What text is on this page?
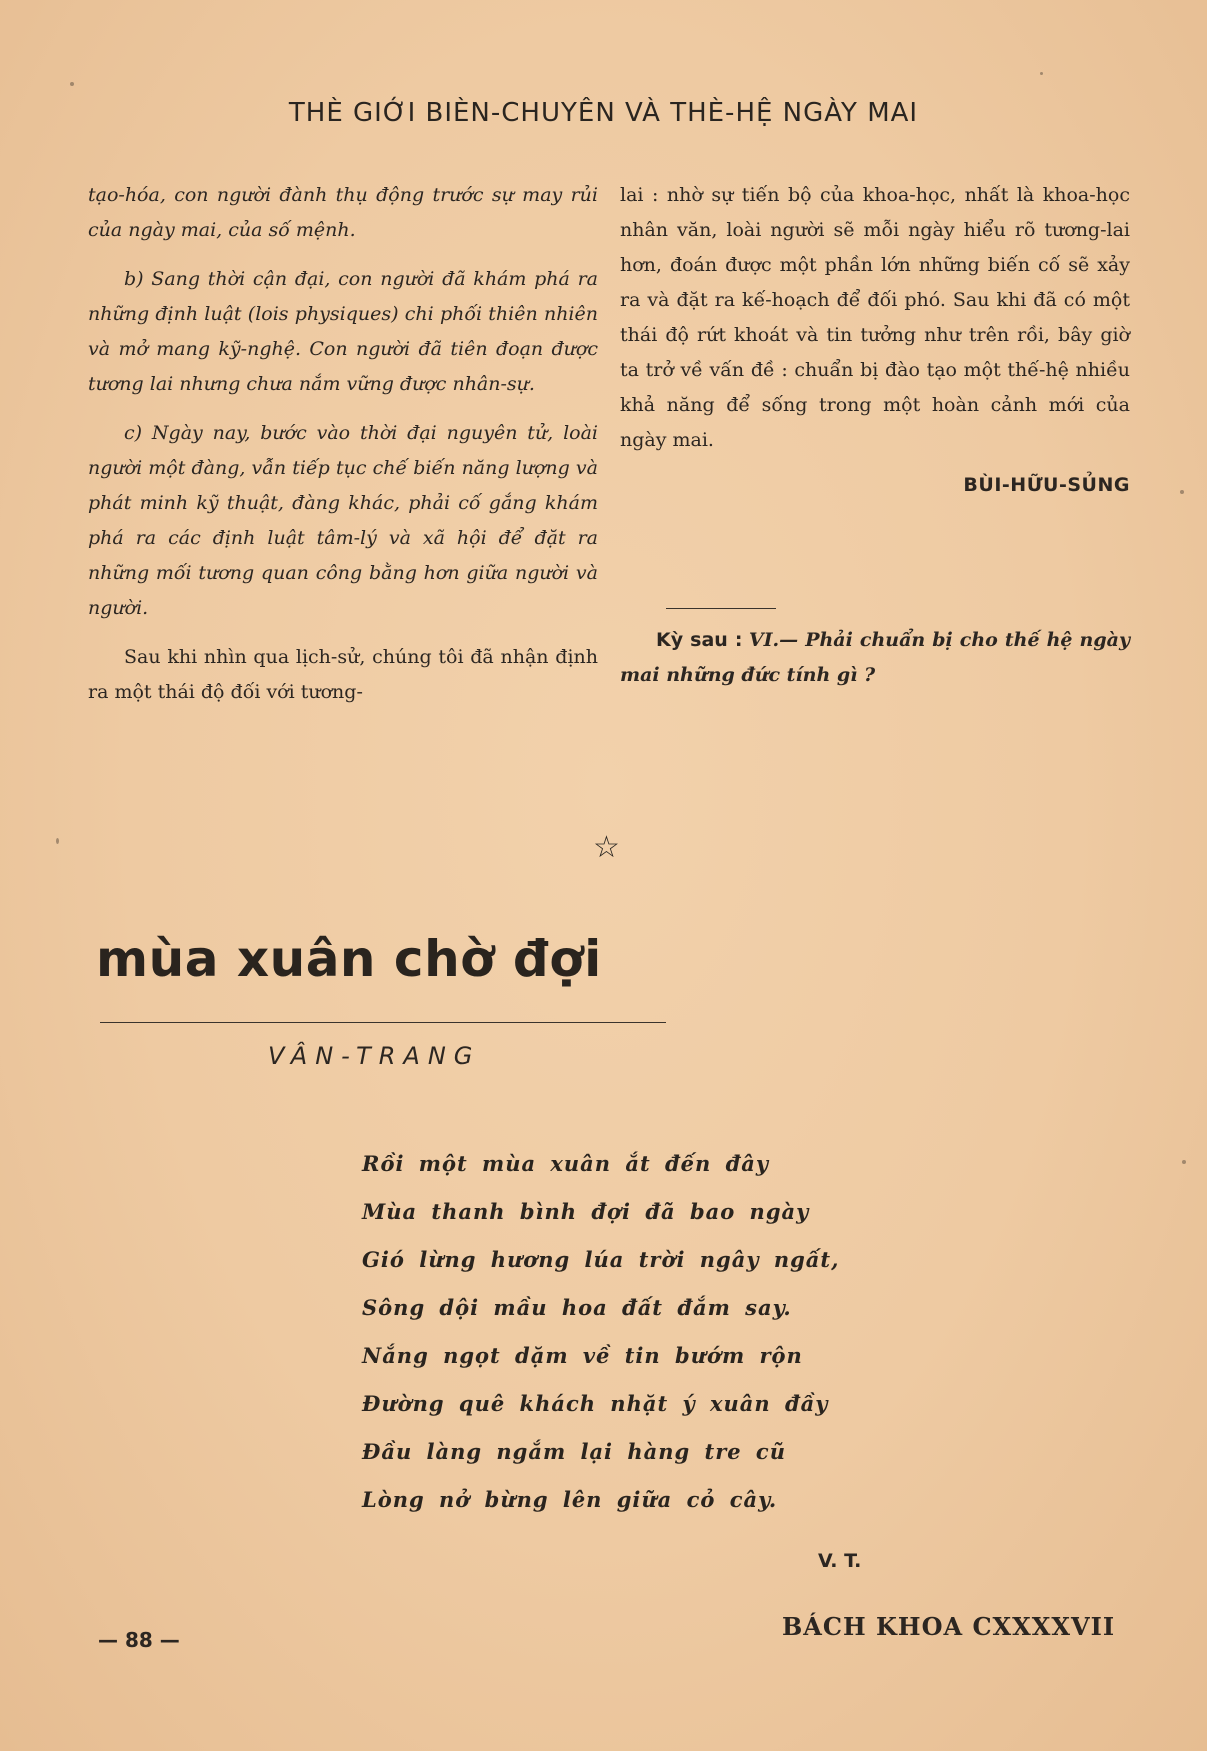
THÈ GIỚI BIÈN-CHUYÊN VÀ THÈ-HỆ NGÀY MAI

tạo-hóa, con người đành thụ động trước sự may rủi của ngày mai, của số mệnh.

b) Sang thời cận đại, con người đã khám phá ra những định luật (lois physiques) chi phối thiên nhiên và mở mang kỹ-nghệ. Con người đã tiên đoạn được tương lai nhưng chưa nắm vững được nhân-sự.

c) Ngày nay, bước vào thời đại nguyên tử, loài người một đàng, vẫn tiếp tục chế biến năng lượng và phát minh kỹ thuật, đàng khác, phải cố gắng khám phá ra các định luật tâm-lý và xã hội để đặt ra những mối tương quan công bằng hơn giữa người và người.

Sau khi nhìn qua lịch-sử, chúng tôi đã nhận định ra một thái độ đối với tương-

lai : nhờ sự tiến bộ của khoa-học, nhất là khoa-học nhân văn, loài người sẽ mỗi ngày hiểu rõ tương-lai hơn, đoán được một phần lớn những biến cố sẽ xảy ra và đặt ra kế-hoạch để đối phó. Sau khi đã có một thái độ rứt khoát và tin tưởng như trên rồi, bây giờ ta trở về vấn đề : chuẩn bị đào tạo một thế-hệ nhiều khả năng để sống trong một hoàn cảnh mới của ngày mai.

BÙI-HỮU-SỦNG
Kỳ sau : VI.— Phải chuẩn bị cho thế hệ ngày mai những đức tính gì ?
☆
mùa xuân chờ đợi
VÂN-TRANG
Rồi một mùa xuân ắt đến đây
Mùa thanh bình đợi đã bao ngày
Gió lừng hương lúa trời ngây ngất,
Sông dội mầu hoa đất đắm say.
Nắng ngọt dặm về tin bướm rộn
Đường quê khách nhặt ý xuân đầy
Đầu làng ngắm lại hàng tre cũ
Lòng nở bừng lên giữa cỏ cây.
V. T.
— 88 —	BÁCH KHOA CXXXXVII
